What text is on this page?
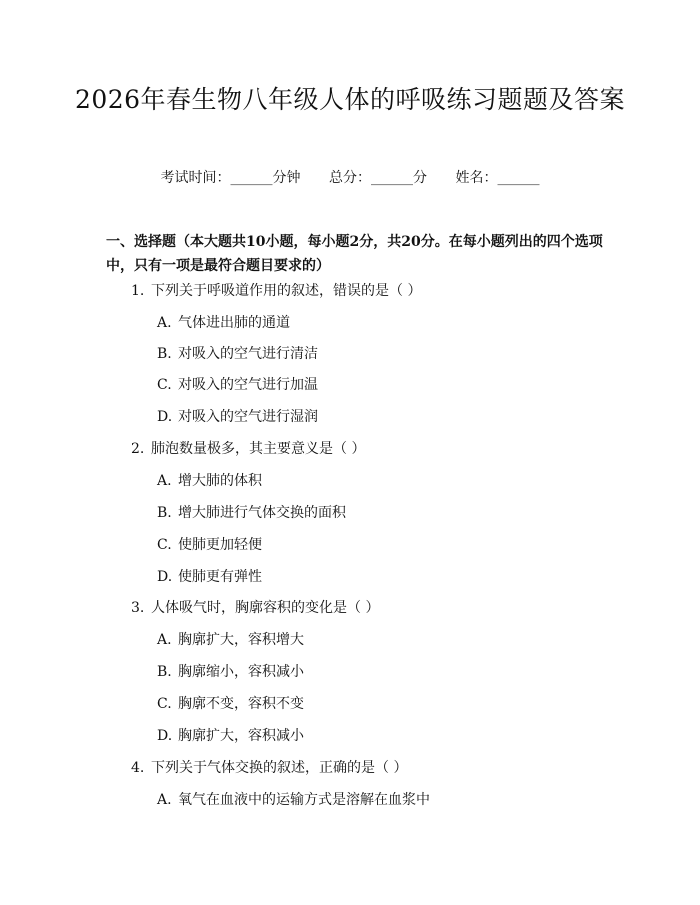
2026年春生物八年级人体的呼吸练习题题及答案
考试时间：______分钟 总分：______分 姓名：______
一、选择题（本大题共10小题，每小题2分，共20分。在每小题列出的四个选项中，只有一项是最符合题目要求的）
1. 下列关于呼吸道作用的叙述，错误的是（ ）
A. 气体进出肺的通道
B. 对吸入的空气进行清洁
C. 对吸入的空气进行加温
D. 对吸入的空气进行湿润
2. 肺泡数量极多，其主要意义是（ ）
A. 增大肺的体积
B. 增大肺进行气体交换的面积
C. 使肺更加轻便
D. 使肺更有弹性
3. 人体吸气时，胸廓容积的变化是（ ）
A. 胸廓扩大，容积增大
B. 胸廓缩小，容积减小
C. 胸廓不变，容积不变
D. 胸廓扩大，容积减小
4. 下列关于气体交换的叙述，正确的是（ ）
A. 氧气在血液中的运输方式是溶解在血浆中
